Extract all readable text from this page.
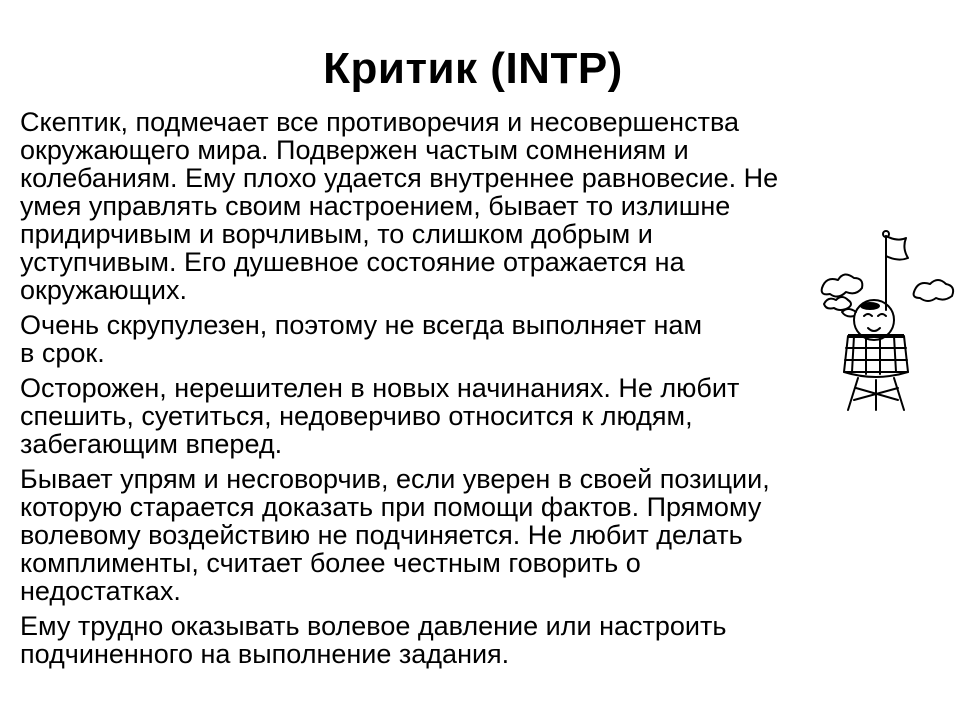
Критик (INTP)
Скептик, подмечает все противоречия и несовершенства
окружающего мира. Подвержен частым сомнениям и
колебаниям. Ему плохо удается внутреннее равновесие. Не
умея управлять своим настроением, бывает то излишне
придирчивым и ворчливым, то слишком добрым и
уступчивым. Его душевное состояние отражается на
окружающих.
Очень скрупулезен, поэтому не всегда выполняет нам
в срок.
Осторожен, нерешителен в новых начинаниях. Не любит
спешить, суетиться, недоверчиво относится к людям,
забегающим вперед.
Бывает упрям и несговорчив, если уверен в своей позиции,
которую старается доказать при помощи фактов. Прямому
волевому воздействию не подчиняется. Не любит делать
комплименты, считает более честным говорить о
недостатках.
Ему трудно оказывать волевое давление или настроить
подчиненного на выполнение задания.
